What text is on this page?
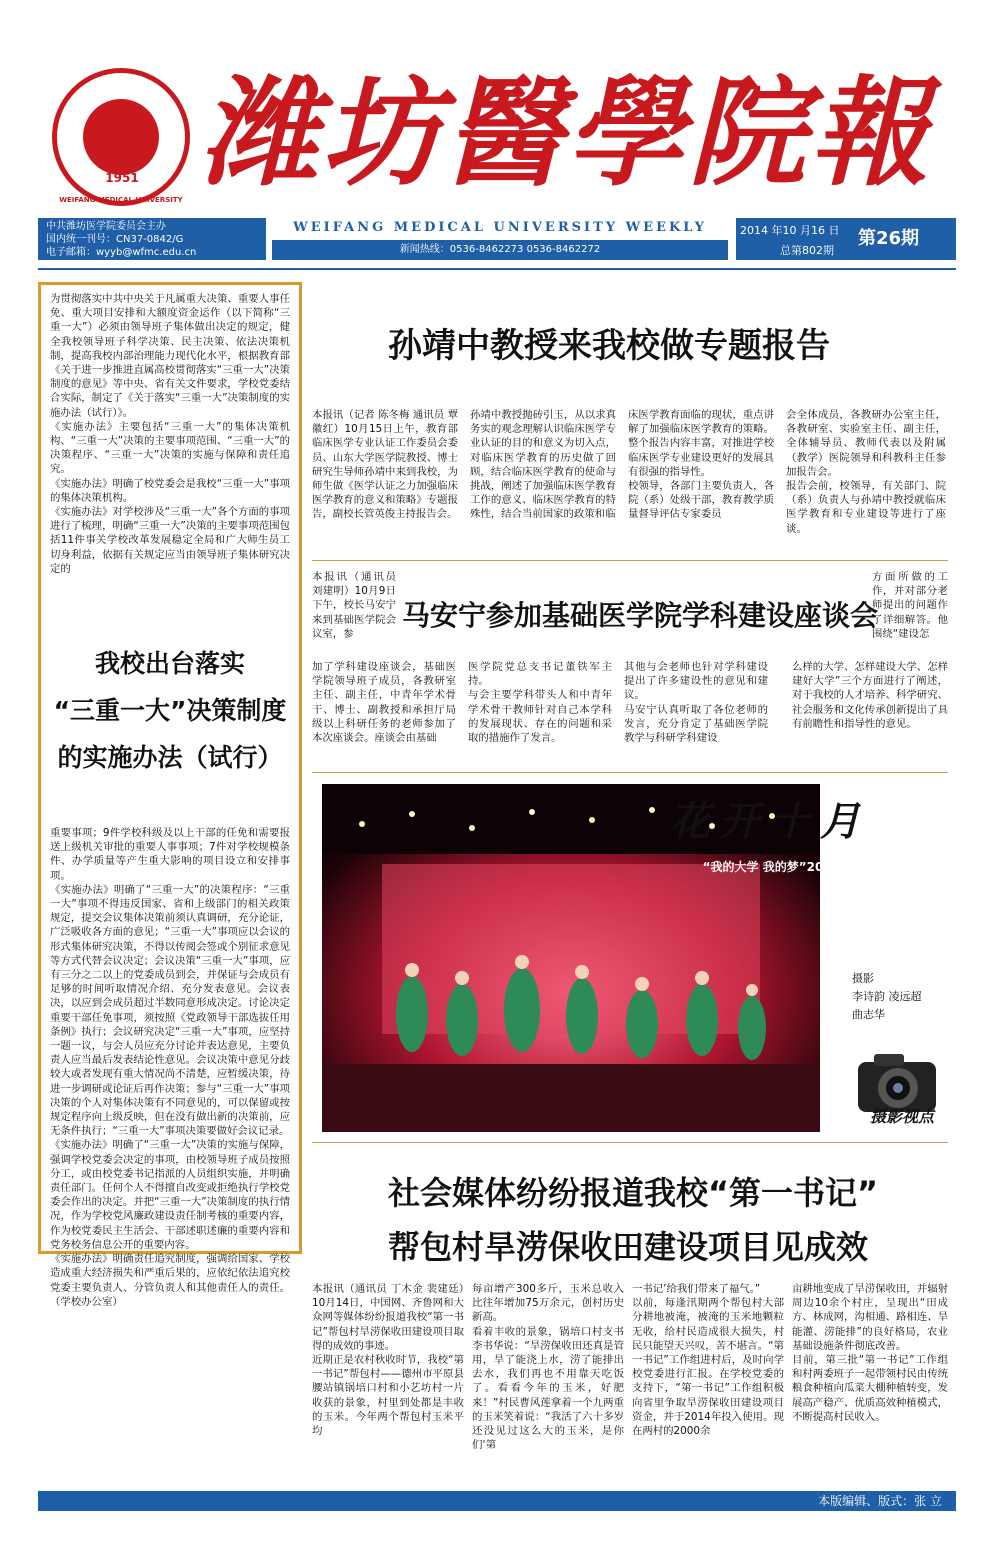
1951
WEIFANG MEDICAL UNIVERSITY 潍坊醫學院報
中共潍坊医学院委员会主办
国内统一刊号：CN37-0842/G
电子邮箱：wyyb@wfmc.edu.cn
WEIFANG MEDICAL UNIVERSITY WEEKLY
新闻热线：0536-8462273 0536-8462272
2014 年10 月16 日
总第802期
第26期
为贯彻落实中共中央关于凡属重大决策、重要人事任免、重大项目安排和大额度资金运作（以下简称“三重一大”）必须由领导班子集体做出决定的规定，健全我校领导班子科学决策、民主决策、依法决策机制，提高我校内部治理能力现代化水平，根据教育部《关于进一步推进直属高校贯彻落实“三重一大”决策制度的意见》等中央、省有关文件要求，学校党委结合实际，制定了《关于落实“三重一大”决策制度的实施办法（试行）》。
《实施办法》主要包括“三重一大”的集体决策机构、“三重一大”决策的主要事项范围、“三重一大”的决策程序、“三重一大”决策的实施与保障和责任追究。
《实施办法》明确了校党委会是我校“三重一大”事项的集体决策机构。
《实施办法》对学校涉及“三重一大”各个方面的事项进行了梳理，明确“三重一大”决策的主要事项范围包括11件事关学校改革发展稳定全局和广大师生员工切身利益，依据有关规定应当由领导班子集体研究决定的
我校出台落实
“三重一大”决策制度
的实施办法（试行）
重要事项；9件学校科级及以上干部的任免和需要报送上级机关审批的重要人事事项；7件对学校规模条件、办学质量等产生重大影响的项目设立和安排事项。
《实施办法》明确了“三重一大”的决策程序：“三重一大”事项不得违反国家、省和上级部门的相关政策规定，提交会议集体决策前须认真调研，充分论证，广泛吸收各方面的意见；“三重一大”事项应以会议的形式集体研究决策，不得以传阅会签或个别征求意见等方式代替会议决定；会议决策“三重一大”事项，应有三分之二以上的党委成员到会，并保证与会成员有足够的时间听取情况介绍、充分发表意见。会议表决，以应到会成员超过半数同意形成决定。讨论决定重要干部任免事项，须按照《党政领导干部选拔任用条例》执行；会议研究决定“三重一大”事项，应坚持一题一议，与会人员应充分讨论并表达意见，主要负责人应当最后发表结论性意见。会议决策中意见分歧较大或者发现有重大情况尚不清楚，应暂缓决策，待进一步调研或论证后再作决策；参与“三重一大”事项决策的个人对集体决策有不同意见的，可以保留或按规定程序向上级反映，但在没有做出新的决策前，应无条件执行；“三重一大”事项决策要做好会议记录。
《实施办法》明确了“三重一大”决策的实施与保障，强调学校党委会决定的事项，由校领导班子成员按照分工，或由校党委书记指派的人员组织实施，并明确责任部门。任何个人不得擅自改变或拒绝执行学校党委会作出的决定。并把“三重一大”决策制度的执行情况，作为学校党风廉政建设责任制考核的重要内容，作为校党委民主生活会、干部述职述廉的重要内容和党务校务信息公开的重要内容。
《实施办法》明确责任追究制度，强调给国家、学校造成重大经济损失和严重后果的，应依纪依法追究校党委主要负责人、分管负责人和其他责任人的责任。 （学校办公室）
孙靖中教授来我校做专题报告
本报讯（记者 陈冬梅 通讯员 覃徽红）10月15日上午，教育部临床医学专业认证工作委员会委员、山东大学医学院教授、博士研究生导师孙靖中来到我校，为师生做《医学认证之力加强临床医学教育的意义和策略》专题报告，副校长管英俊主持报告会。
孙靖中教授抛砖引玉，从以求真务实的观念理解认识临床医学专业认证的目的和意义为切入点，对临床医学教育的历史做了回顾，结合临床医学教育的使命与挑战，阐述了加强临床医学教育工作的意义、临床医学教育的特殊性，结合当前国家的政策和临
床医学教育面临的现状，重点讲解了加强临床医学教育的策略。整个报告内容丰富，对推进学校临床医学专业建设更好的发展具有很强的指导性。
校领导，各部门主要负责人，各院（系）处级干部，教育教学质量督导评估专家委员
会全体成员，各教研办公室主任，各教研室、实验室主任、副主任，全体辅导员、教师代表以及附属（教学）医院领导和科教科主任参加报告会。
报告会前，校领导，有关部门、院（系）负责人与孙靖中教授就临床医学教育和专业建设等进行了座谈。
本报讯（通讯员 刘建明）10月9日下午，校长马安宁来到基础医学院会议室，参
马安宁参加基础医学院学科建设座谈会
方面所做的工作，并对部分老师提出的问题作了详细解答。他围绕“建设怎
加了学科建设座谈会，基础医学院领导班子成员，各教研室主任、副主任，中青年学术骨干、博士、副教授和承担厅局级以上科研任务的老师参加了本次座谈会。座谈会由基础
医学院党总支书记董铁军主持。
与会主要学科带头人和中青年学术骨干教师针对自己本学科的发展现状、存在的问题和采取的措施作了发言。
其他与会老师也针对学科建设提出了许多建设性的意见和建议。
马安宁认真听取了各位老师的发言，充分肯定了基础医学院教学与科研学科建设
么样的大学、怎样建设大学、怎样建好大学”三个方面进行了阐述，对于我校的人才培养、科学研究、社会服务和文化传承创新提出了具有前瞻性和指导性的意见。
花开十月
“我的大学 我的梦”2014年迎新晚会魅力上演
摄影
李诗韵 凌远超
曲志华
摄影视点
社会媒体纷纷报道我校“第一书记”
帮包村旱涝保收田建设项目见成效
本报讯（通讯员 丁木金 裴建廷）10月14日，中国网、齐鲁网和大众网等媒体纷纷报道我校“第一书记”帮包村旱涝保收田建设项目取得的成效的事迹。
近期正是农村秋收时节，我校“第一书记”帮包村——德州市平原县腰站镇锅培口村和小艺坊村一片收获的景象，村里到处都是丰收的玉米。今年两个帮包村玉米平均
每亩增产300多斤，玉米总收入比往年增加75万余元，创村历史新高。
看着丰收的景象，锅培口村支书李书华说：“旱涝保收田还真是管用，旱了能浇上水，涝了能排出去水，我们再也不用靠天吃饭了。看看今年的玉米，好肥来！”村民曹风莲拿着一个九两重的玉米笑着说：“我活了六十多岁还没见过这么大的玉米，是你们‘第
一书记’给我们带来了福气。”
以前，每逢汛期两个帮包村大部分耕地被淹，被淹的玉米地颗粒无收，给村民造成很大损失，村民只能望天兴叹，苦不堪言。“第一书记”工作组进村后，及时向学校党委进行汇报。在学校党委的支持下，“第一书记”工作组积极向省里争取旱涝保收田建设项目资金，并于2014年投入使用。现在两村的2000余
亩耕地变成了旱涝保收田，并辐射周边10余个村庄，呈现出“田成方、林成网，沟相通、路相连、旱能灌、涝能排”的良好格局，农业基础设施条件彻底改善。
目前，第三批“第一书记”工作组和村两委班子一起带领村民由传统粮食种植向瓜菜大棚种植转变，发展高产稳产、优质高效种植模式，不断提高村民收入。
本版编辑、版式：张 立
